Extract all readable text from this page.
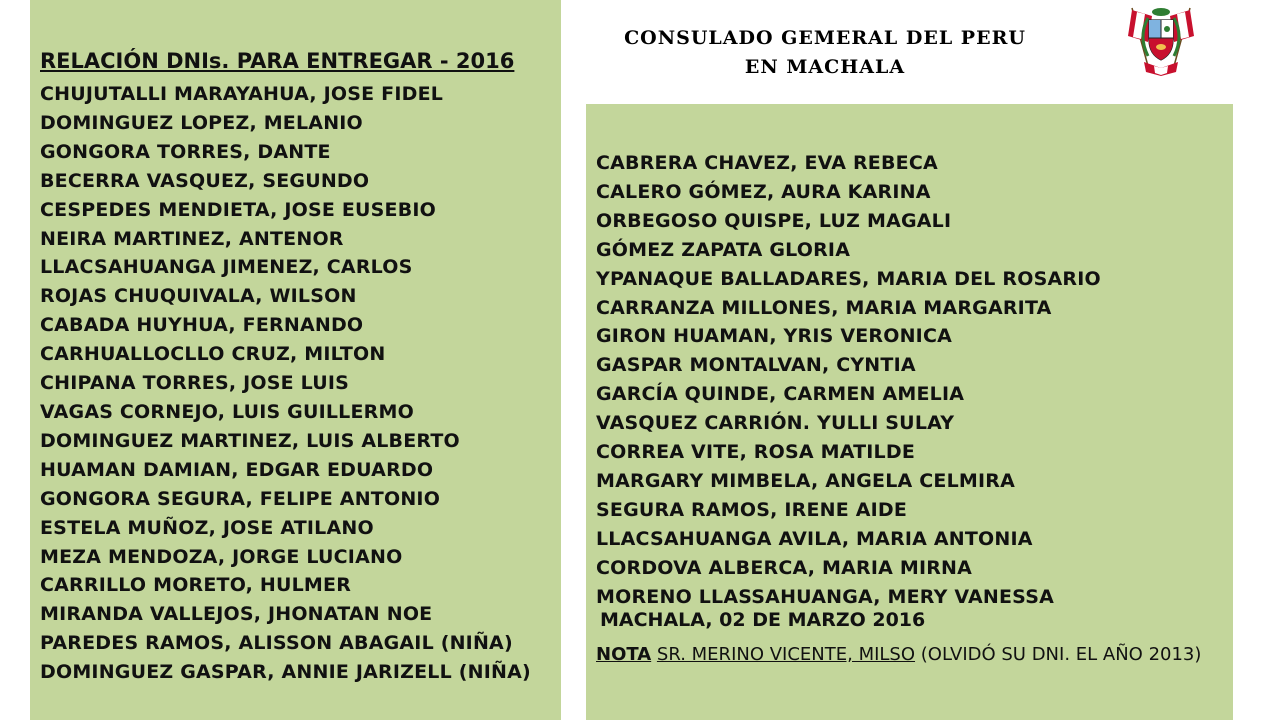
RELACIÓN DNIs. PARA ENTREGAR - 2016
CHUJUTALLI MARAYAHUA, JOSE FIDEL
DOMINGUEZ LOPEZ, MELANIO
GONGORA TORRES, DANTE
BECERRA VASQUEZ, SEGUNDO
CESPEDES MENDIETA, JOSE EUSEBIO
NEIRA MARTINEZ, ANTENOR
LLACSAHUANGA JIMENEZ, CARLOS
ROJAS CHUQUIVALA, WILSON
CABADA HUYHUA, FERNANDO
CARHUALLOCLLO CRUZ, MILTON
CHIPANA TORRES, JOSE LUIS
VAGAS CORNEJO, LUIS GUILLERMO
DOMINGUEZ MARTINEZ, LUIS ALBERTO
HUAMAN DAMIAN, EDGAR EDUARDO
GONGORA SEGURA, FELIPE ANTONIO
ESTELA MUÑOZ, JOSE ATILANO
MEZA MENDOZA, JORGE LUCIANO
CARRILLO MORETO, HULMER
MIRANDA VALLEJOS, JHONATAN NOE
PAREDES RAMOS, ALISSON ABAGAIL (NIÑA)
DOMINGUEZ GASPAR, ANNIE JARIZELL (NIÑA)
CONSULADO GEMERAL DEL PERU
EN MACHALA
CABRERA CHAVEZ, EVA REBECA
CALERO GÓMEZ, AURA KARINA
ORBEGOSO QUISPE, LUZ MAGALI
GÓMEZ ZAPATA GLORIA
YPANAQUE BALLADARES, MARIA DEL ROSARIO
CARRANZA MILLONES, MARIA MARGARITA
GIRON HUAMAN, YRIS VERONICA
GASPAR MONTALVAN, CYNTIA
GARCÍA QUINDE, CARMEN AMELIA
VASQUEZ CARRIÓN. YULLI SULAY
CORREA VITE, ROSA MATILDE
MARGARY MIMBELA, ANGELA CELMIRA
SEGURA RAMOS, IRENE AIDE
LLACSAHUANGA AVILA, MARIA ANTONIA
CORDOVA ALBERCA, MARIA MIRNA
MORENO LLASSAHUANGA, MERY VANESSA
MACHALA, 02 DE MARZO 2016
NOTA SR. MERINO VICENTE, MILSO (OLVIDÓ SU DNI. EL AÑO 2013)
